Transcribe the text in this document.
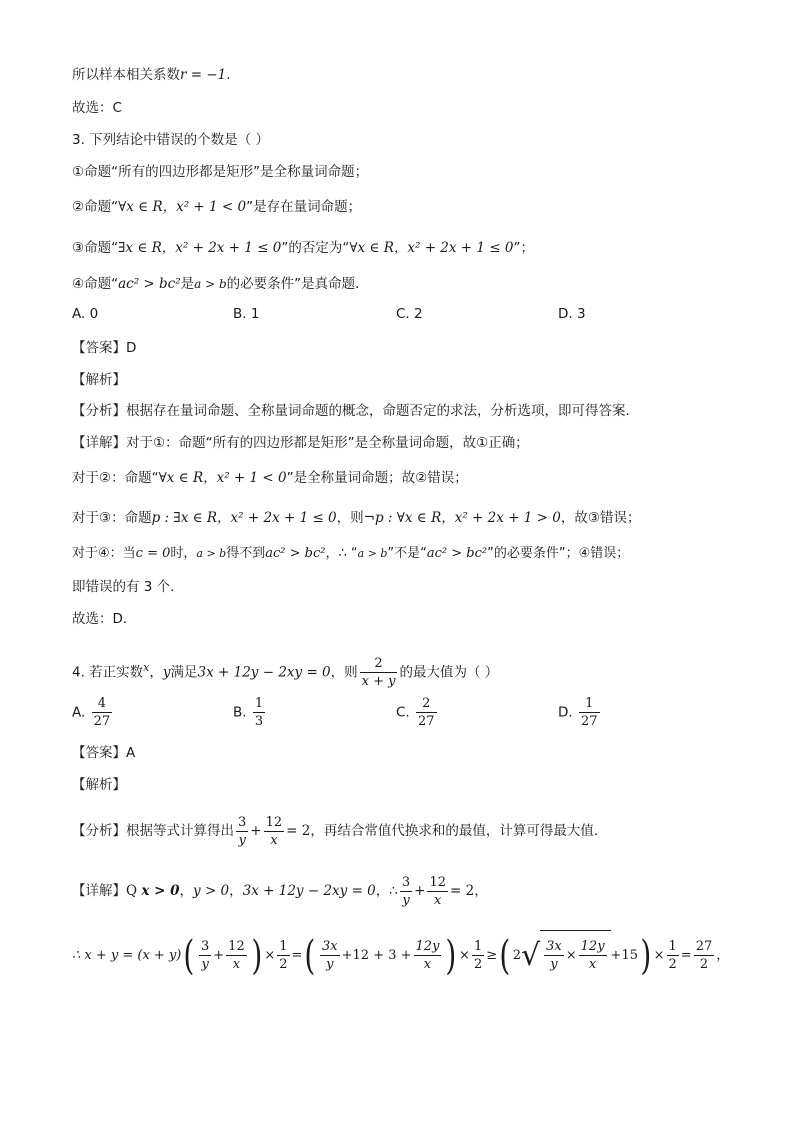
所以样本相关系数r = −1.
故选：C
3. 下列结论中错误的个数是（ ）
①命题“所有的四边形都是矩形”是全称量词命题；
②命题“∀x ∈ R，x² + 1 < 0”是存在量词命题；
③命题“∃x ∈ R，x² + 2x + 1 ≤ 0”的否定为“∀x ∈ R，x² + 2x + 1 ≤ 0”；
④命题“ac² > bc²是a > b的必要条件”是真命题．
A. 0	B. 1	C. 2	D. 3
【答案】D
【解析】
【分析】根据存在量词命题、全称量词命题的概念，命题否定的求法，分析选项，即可得答案．
【详解】对于①：命题“所有的四边形都是矩形”是全称量词命题，故①正确；
对于②：命题“∀x ∈ R，x² + 1 < 0”是全称量词命题；故②错误；
对于③：命题p : ∃x ∈ R，x² + 2x + 1 ≤ 0，则¬p : ∀x ∈ R，x² + 2x + 1 > 0，故③错误；
对于④：当c = 0时，a > b得不到ac² > bc²，∴ “a > b”不是“ac² > bc²”的必要条件”；④错误；
即错误的有 3 个．
故选：D．
4. 若正实数$^x$，y满足3x + 12y − 2xy = 0，则 $\frac{2}{x + y}$ 的最大值为（ ）
A. $\frac{4}{27}$	B. $\frac{1}{3}$	C. $\frac{2}{27}$	D. $\frac{1}{27}$
【答案】A
【解析】
【分析】根据等式计算得出 $\frac{3}{y} + \frac{12}{x} = 2$，再结合常值代换求和的最值，计算可得最大值．
【详解】Q x > 0，y > 0，3x + 12y − 2xy = 0，∴ $\frac{3}{y} + \frac{12}{x} = 2$，
∴ $x + y = (x + y)( \frac{3}{y} + \frac{12}{x}$ ) × $\frac{1}{2}$ =( $\frac{3x}{y} +12 + 3 + \frac{12y}{x}$ ) × $\frac{1}{2}$ ≥( $2√ \frac{3x}{y} \times \frac{12y}{x} +15) \times \frac{1}{2} = \frac{27}{2}$ ，
